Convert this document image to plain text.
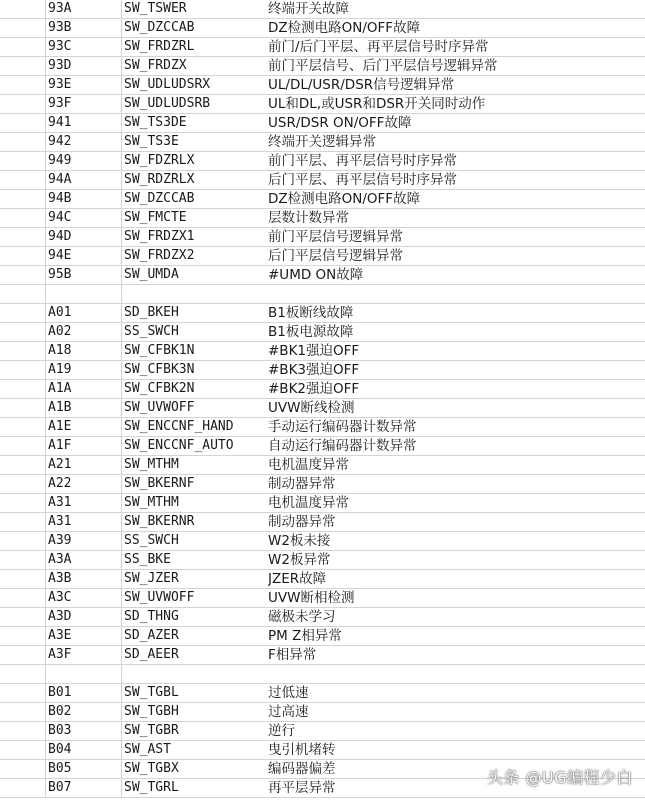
93A	SW_TSWER	终端开关故障
93B	SW_DZCCAB	DZ检测电路ON/OFF故障
93C	SW_FRDZRL	前门/后门平层、再平层信号时序异常
93D	SW_FRDZX	前门平层信号、后门平层信号逻辑异常
93E	SW_UDLUDSRX	UL/DL/USR/DSR信号逻辑异常
93F	SW_UDLUDSRB	UL和DL,或USR和DSR开关同时动作
941	SW_TS3DE	USR/DSR ON/OFF故障
942	SW_TS3E	终端开关逻辑异常
949	SW_FDZRLX	前门平层、再平层信号时序异常
94A	SW_RDZRLX	后门平层、再平层信号时序异常
94B	SW_DZCCAB	DZ检测电路ON/OFF故障
94C	SW_FMCTE	层数计数异常
94D	SW_FRDZX1	前门平层信号逻辑异常
94E	SW_FRDZX2	后门平层信号逻辑异常
95B	SW_UMDA	#UMD ON故障
A01	SD_BKEH	B1板断线故障
A02	SS_SWCH	B1板电源故障
A18	SW_CFBK1N	#BK1强迫OFF
A19	SW_CFBK3N	#BK3强迫OFF
A1A	SW_CFBK2N	#BK2强迫OFF
A1B	SW_UVWOFF	UVW断线检测
A1E	SW_ENCCNF_HAND	手动运行编码器计数异常
A1F	SW_ENCCNF_AUTO	自动运行编码器计数异常
A21	SW_MTHM	电机温度异常
A22	SW_BKERNF	制动器异常
A31	SW_MTHM	电机温度异常
A31	SW_BKERNR	制动器异常
A39	SS_SWCH	W2板未接
A3A	SS_BKE	W2板异常
A3B	SW_JZER	JZER故障
A3C	SW_UVWOFF	UVW断相检测
A3D	SD_THNG	磁极未学习
A3E	SD_AZER	PM Z相异常
A3F	SD_AEER	F相异常
B01	SW_TGBL	过低速
B02	SW_TGBH	过高速
B03	SW_TGBR	逆行
B04	SW_AST	曳引机堵转
B05	SW_TGBX	编码器偏差
B07	SW_TGRL	再平层异常
头条 @UG编程少白
